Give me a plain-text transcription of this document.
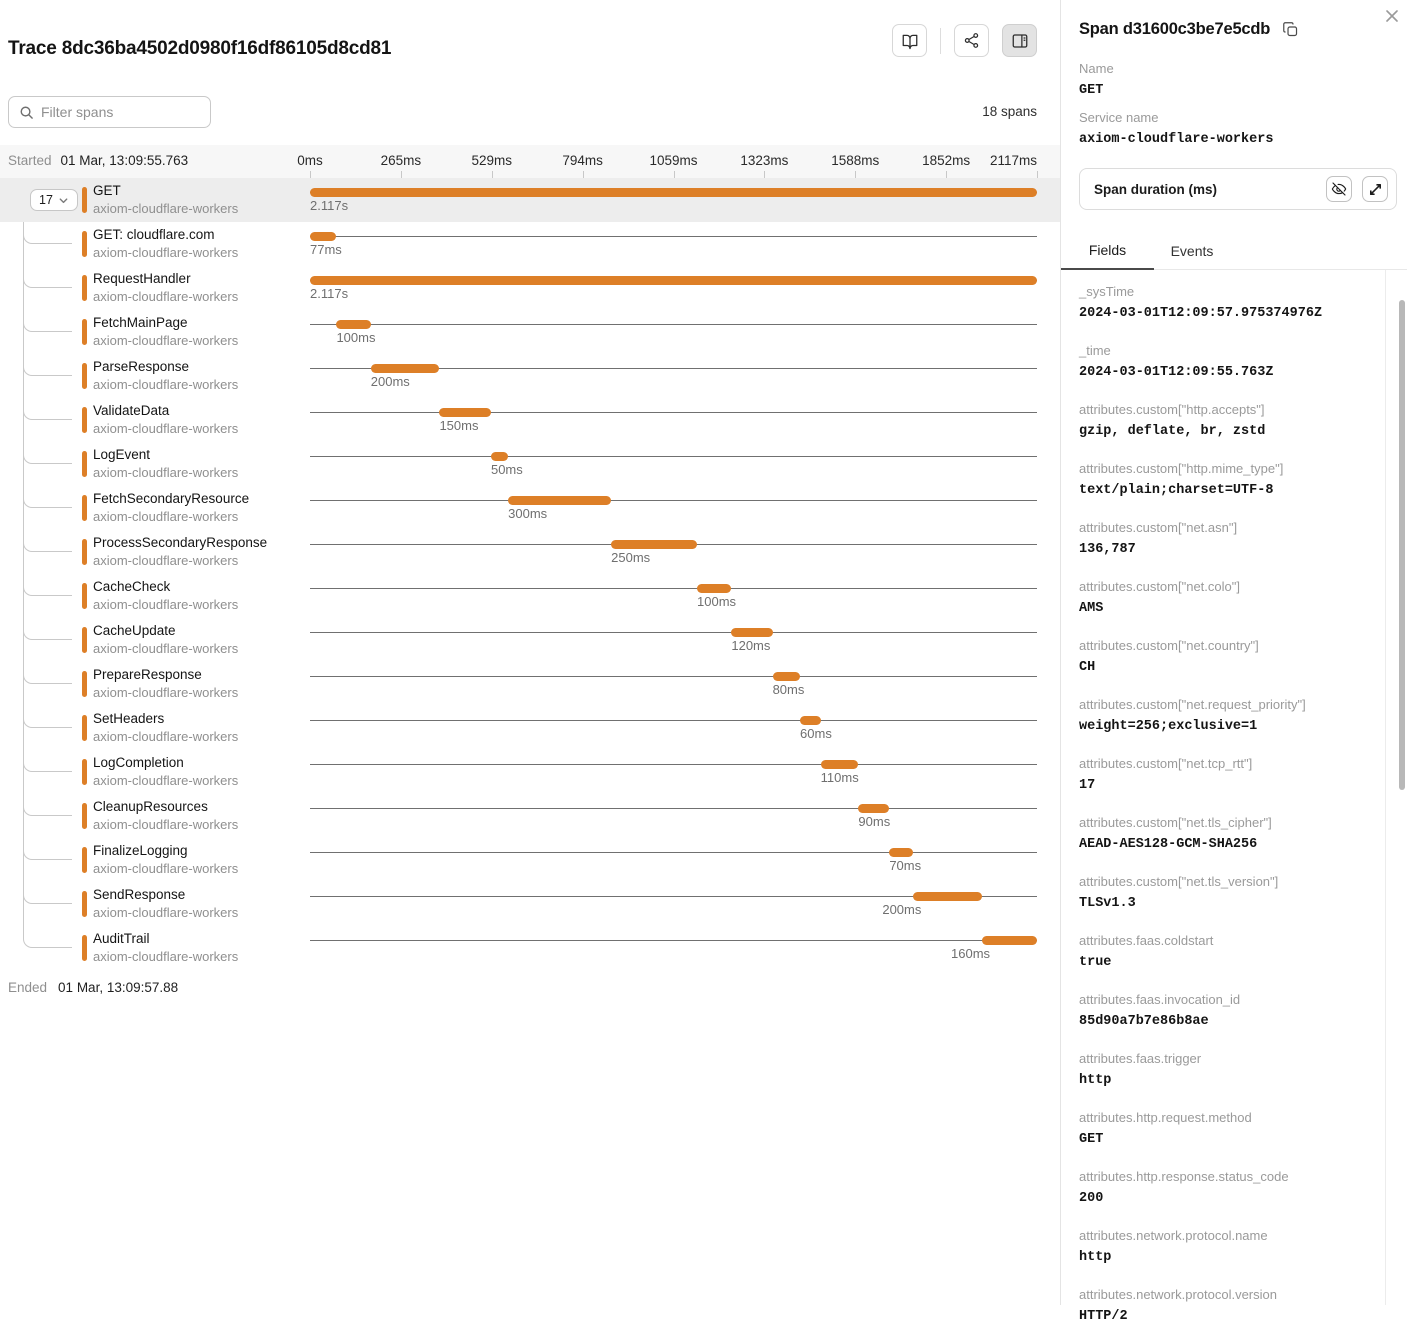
Trace 8dc36ba4502d0980f16df86105d8cd81
Filter spans
18 spans
Started 01 Mar, 13:09:55.763	0ms	265ms	529ms	794ms	1059ms	1323ms	1588ms	1852ms	2117ms
17
GET
axiom-cloudflare-workers	2.117s
GET: cloudflare.com
axiom-cloudflare-workers	77ms
RequestHandler
axiom-cloudflare-workers	2.117s
FetchMainPage
axiom-cloudflare-workers	100ms
ParseResponse
axiom-cloudflare-workers	200ms
ValidateData
axiom-cloudflare-workers	150ms
LogEvent
axiom-cloudflare-workers	50ms
FetchSecondaryResource
axiom-cloudflare-workers	300ms
ProcessSecondaryResponse
axiom-cloudflare-workers	250ms
CacheCheck
axiom-cloudflare-workers	100ms
CacheUpdate
axiom-cloudflare-workers	120ms
PrepareResponse
axiom-cloudflare-workers	80ms
SetHeaders
axiom-cloudflare-workers	60ms
LogCompletion
axiom-cloudflare-workers	110ms
CleanupResources
axiom-cloudflare-workers	90ms
FinalizeLogging
axiom-cloudflare-workers	70ms
SendResponse
axiom-cloudflare-workers	200ms
AuditTrail
axiom-cloudflare-workers	160ms
Ended 01 Mar, 13:09:57.88
Span d31600c3be7e5cdb
Name
GET
Service name
axiom-cloudflare-workers
Span duration (ms)
Fields	Events
_sysTime
2024-03-01T12:09:57.975374976Z
_time
2024-03-01T12:09:55.763Z
attributes.custom["http.accepts"]
gzip, deflate, br, zstd
attributes.custom["http.mime_type"]
text/plain;charset=UTF-8
attributes.custom["net.asn"]
136,787
attributes.custom["net.colo"]
AMS
attributes.custom["net.country"]
CH
attributes.custom["net.request_priority"]
weight=256;exclusive=1
attributes.custom["net.tcp_rtt"]
17
attributes.custom["net.tls_cipher"]
AEAD-AES128-GCM-SHA256
attributes.custom["net.tls_version"]
TLSv1.3
attributes.faas.coldstart
true
attributes.faas.invocation_id
85d90a7b7e86b8ae
attributes.faas.trigger
http
attributes.http.request.method
GET
attributes.http.response.status_code
200
attributes.network.protocol.name
http
attributes.network.protocol.version
HTTP/2
